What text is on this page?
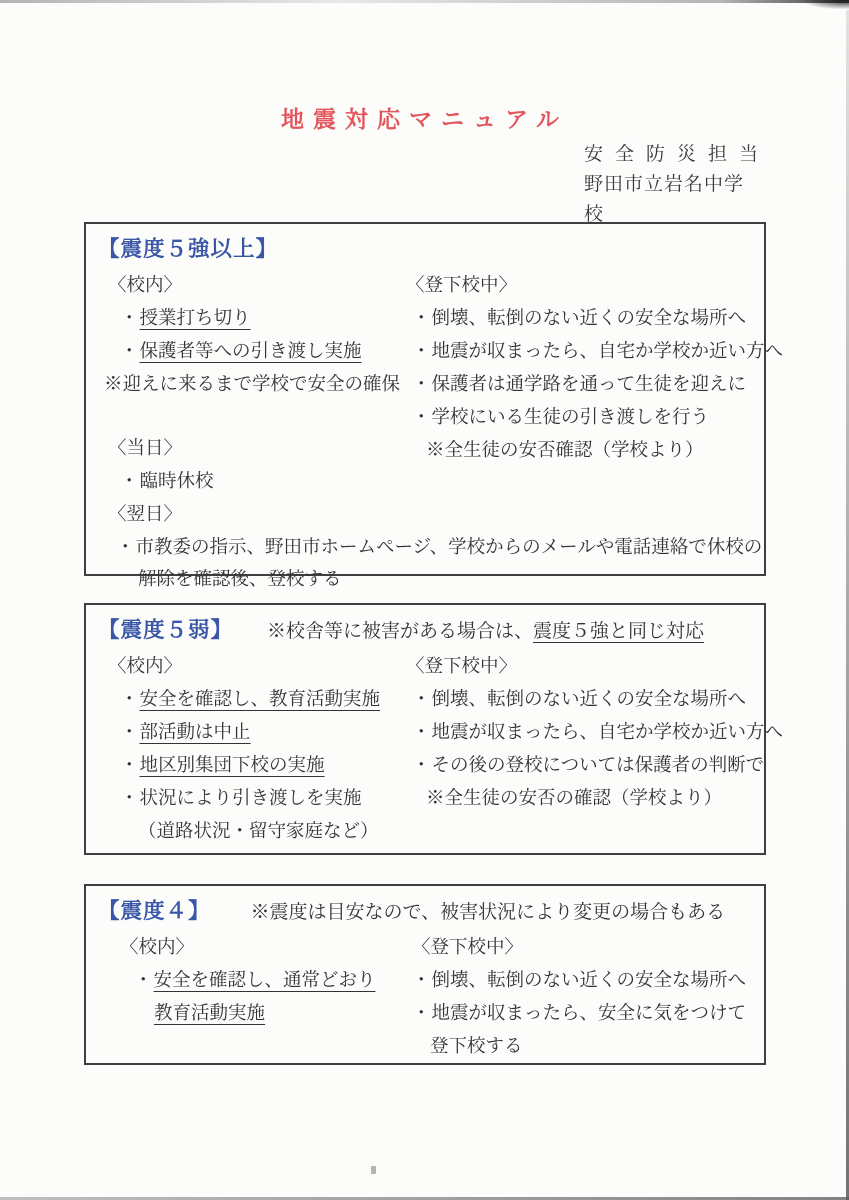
地震対応マニュアル
安全防災担当
野田市立岩名中学校
【震度５強以上】
〈校内〉
・授業打ち切り
・保護者等への引き渡し実施
※迎えに来るまで学校で安全の確保
〈当日〉
・臨時休校
〈翌日〉
〈登下校中〉
・倒壊、転倒のない近くの安全な場所へ
・地震が収まったら、自宅か学校か近い方へ
・保護者は通学路を通って生徒を迎えに
・学校にいる生徒の引き渡しを行う
※全生徒の安否確認（学校より）
・市教委の指示、野田市ホームページ、学校からのメールや電話連絡で休校の
解除を確認後、登校する
【震度５弱】 ※校舎等に被害がある場合は、震度５強と同じ対応
〈校内〉
・安全を確認し、教育活動実施
・部活動は中止
・地区別集団下校の実施
・状況により引き渡しを実施
（道路状況・留守家庭など）
〈登下校中〉
・倒壊、転倒のない近くの安全な場所へ
・地震が収まったら、自宅か学校か近い方へ
・その後の登校については保護者の判断で
※全生徒の安否の確認（学校より）
【震度４】 ※震度は目安なので、被害状況により変更の場合もある
〈校内〉
・安全を確認し、通常どおり
教育活動実施
〈登下校中〉
・倒壊、転倒のない近くの安全な場所へ
・地震が収まったら、安全に気をつけて
登下校する
